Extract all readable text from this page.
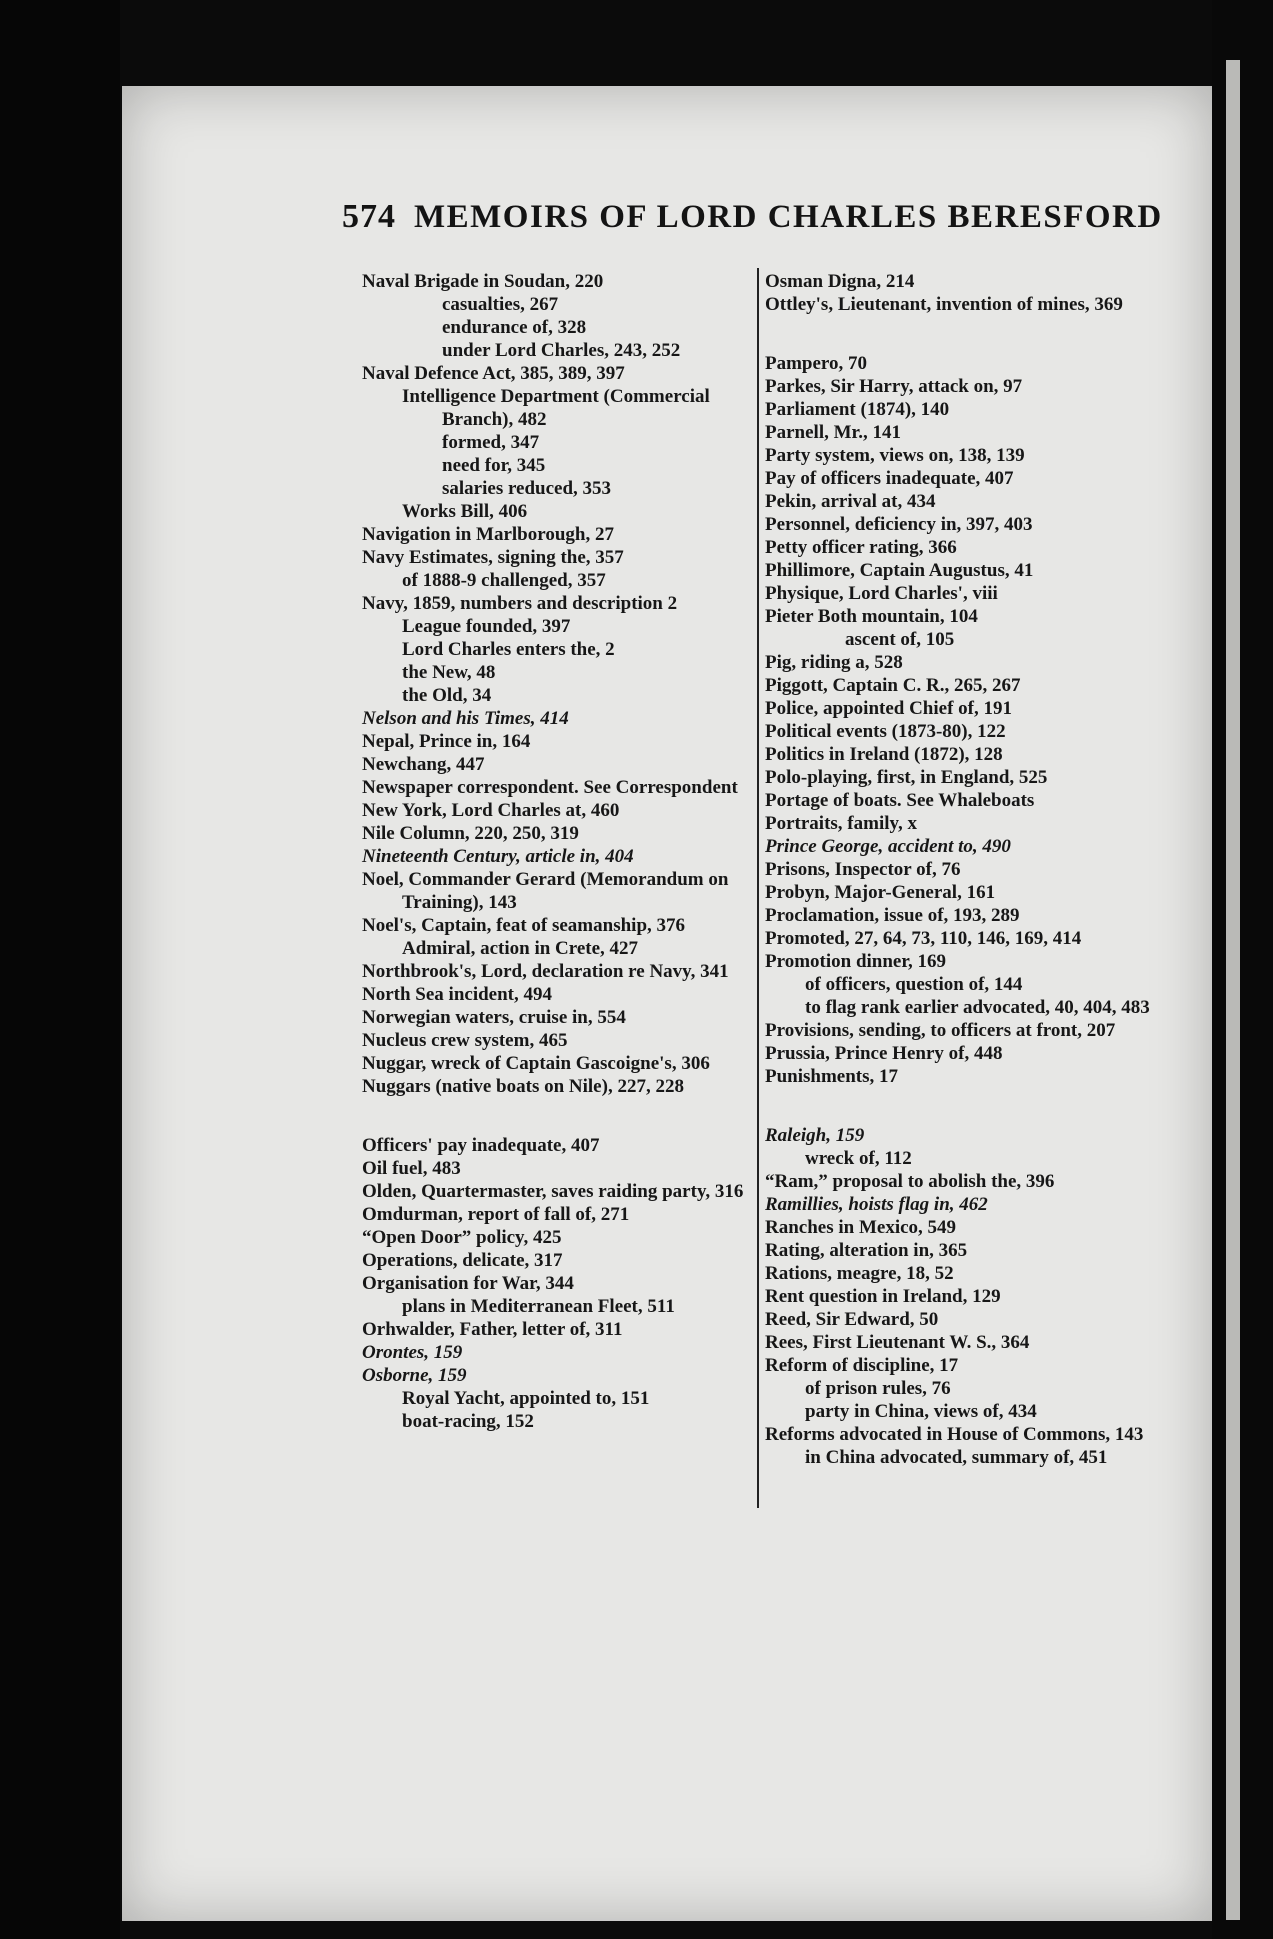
574 MEMOIRS OF LORD CHARLES BERESFORD
Naval Brigade in Soudan, 220
casualties, 267
endurance of, 328
under Lord Charles, 243, 252
Naval Defence Act, 385, 389, 397
Intelligence Department (Commercial Branch), 482
formed, 347
need for, 345
salaries reduced, 353
Works Bill, 406
Navigation in Marlborough, 27
Navy Estimates, signing the, 357
of 1888-9 challenged, 357
Navy, 1859, numbers and description 2
League founded, 397
Lord Charles enters the, 2
the New, 48
the Old, 34
Nelson and his Times, 414
Nepal, Prince in, 164
Newchang, 447
Newspaper correspondent. See Correspondent
New York, Lord Charles at, 460
Nile Column, 220, 250, 319
Nineteenth Century, article in, 404
Noel, Commander Gerard (Memorandum on Training), 143
Noel's, Captain, feat of seamanship, 376
Admiral, action in Crete, 427
Northbrook's, Lord, declaration re Navy, 341
North Sea incident, 494
Norwegian waters, cruise in, 554
Nucleus crew system, 465
Nuggar, wreck of Captain Gascoigne's, 306
Nuggars (native boats on Nile), 227, 228
Officers' pay inadequate, 407
Oil fuel, 483
Olden, Quartermaster, saves raiding party, 316
Omdurman, report of fall of, 271
“Open Door” policy, 425
Operations, delicate, 317
Organisation for War, 344
plans in Mediterranean Fleet, 511
Orhwalder, Father, letter of, 311
Orontes, 159
Osborne, 159
Royal Yacht, appointed to, 151
boat-racing, 152
Osman Digna, 214
Ottley's, Lieutenant, invention of mines, 369
Pampero, 70
Parkes, Sir Harry, attack on, 97
Parliament (1874), 140
Parnell, Mr., 141
Party system, views on, 138, 139
Pay of officers inadequate, 407
Pekin, arrival at, 434
Personnel, deficiency in, 397, 403
Petty officer rating, 366
Phillimore, Captain Augustus, 41
Physique, Lord Charles', viii
Pieter Both mountain, 104
ascent of, 105
Pig, riding a, 528
Piggott, Captain C. R., 265, 267
Police, appointed Chief of, 191
Political events (1873-80), 122
Politics in Ireland (1872), 128
Polo-playing, first, in England, 525
Portage of boats. See Whaleboats
Portraits, family, x
Prince George, accident to, 490
Prisons, Inspector of, 76
Probyn, Major-General, 161
Proclamation, issue of, 193, 289
Promoted, 27, 64, 73, 110, 146, 169, 414
Promotion dinner, 169
of officers, question of, 144
to flag rank earlier advocated, 40, 404, 483
Provisions, sending, to officers at front, 207
Prussia, Prince Henry of, 448
Punishments, 17
Raleigh, 159
wreck of, 112
“Ram,” proposal to abolish the, 396
Ramillies, hoists flag in, 462
Ranches in Mexico, 549
Rating, alteration in, 365
Rations, meagre, 18, 52
Rent question in Ireland, 129
Reed, Sir Edward, 50
Rees, First Lieutenant W. S., 364
Reform of discipline, 17
of prison rules, 76
party in China, views of, 434
Reforms advocated in House of Commons, 143
in China advocated, summary of, 451
